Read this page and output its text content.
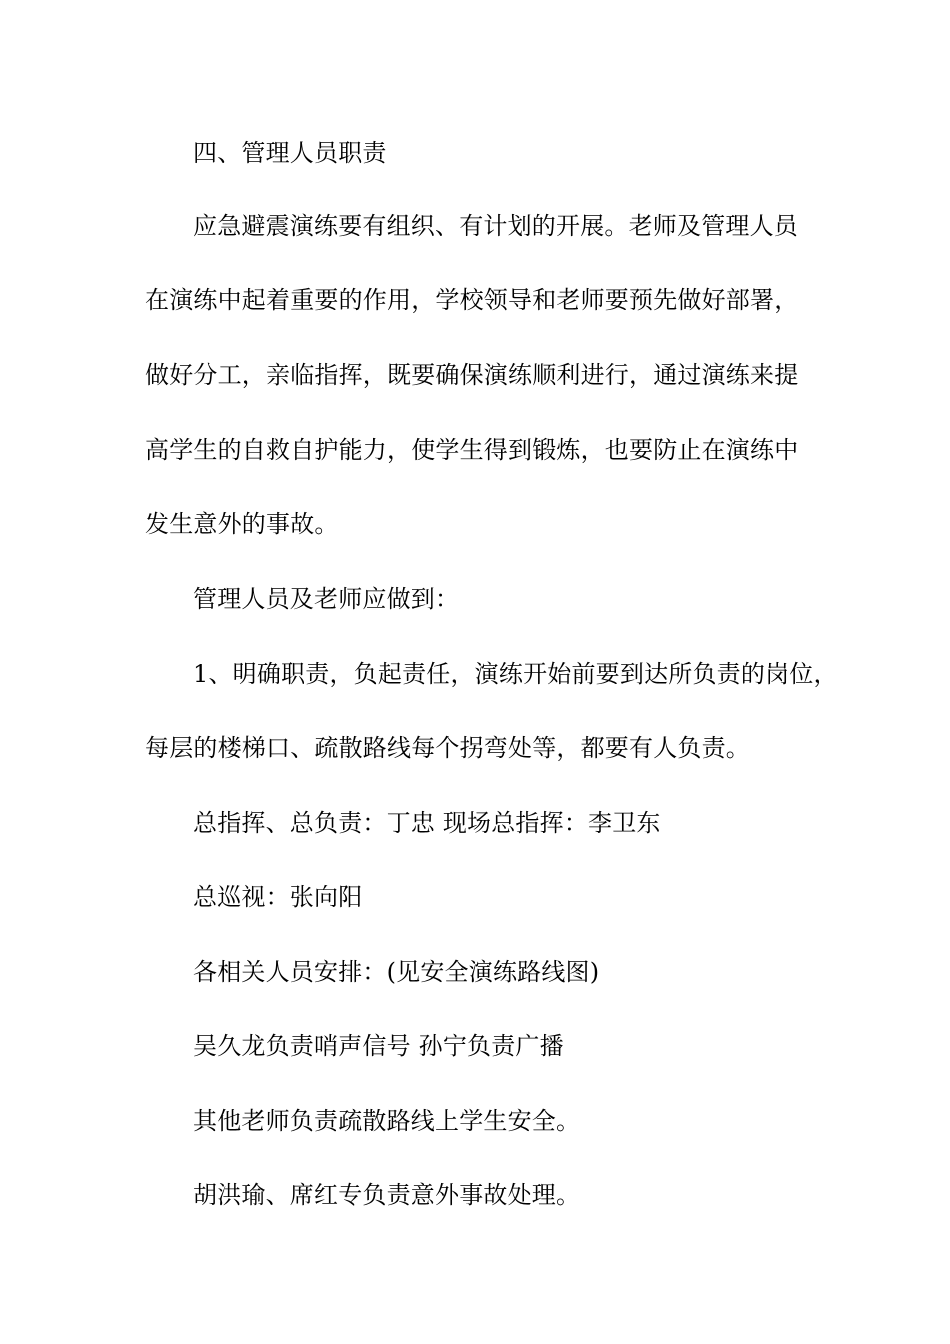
四、管理人员职责
应急避震演练要有组织、有计划的开展。老师及管理人员
在演练中起着重要的作用，学校领导和老师要预先做好部署，
做好分工，亲临指挥，既要确保演练顺利进行，通过演练来提
高学生的自救自护能力，使学生得到锻炼，也要防止在演练中
发生意外的事故。
管理人员及老师应做到：
1、明确职责，负起责任，演练开始前要到达所负责的岗位，
每层的楼梯口、疏散路线每个拐弯处等，都要有人负责。
总指挥、总负责：丁忠 现场总指挥：李卫东
总巡视：张向阳
各相关人员安排：(见安全演练路线图)
吴久龙负责哨声信号 孙宁负责广播
其他老师负责疏散路线上学生安全。
胡洪瑜、席红专负责意外事故处理。
